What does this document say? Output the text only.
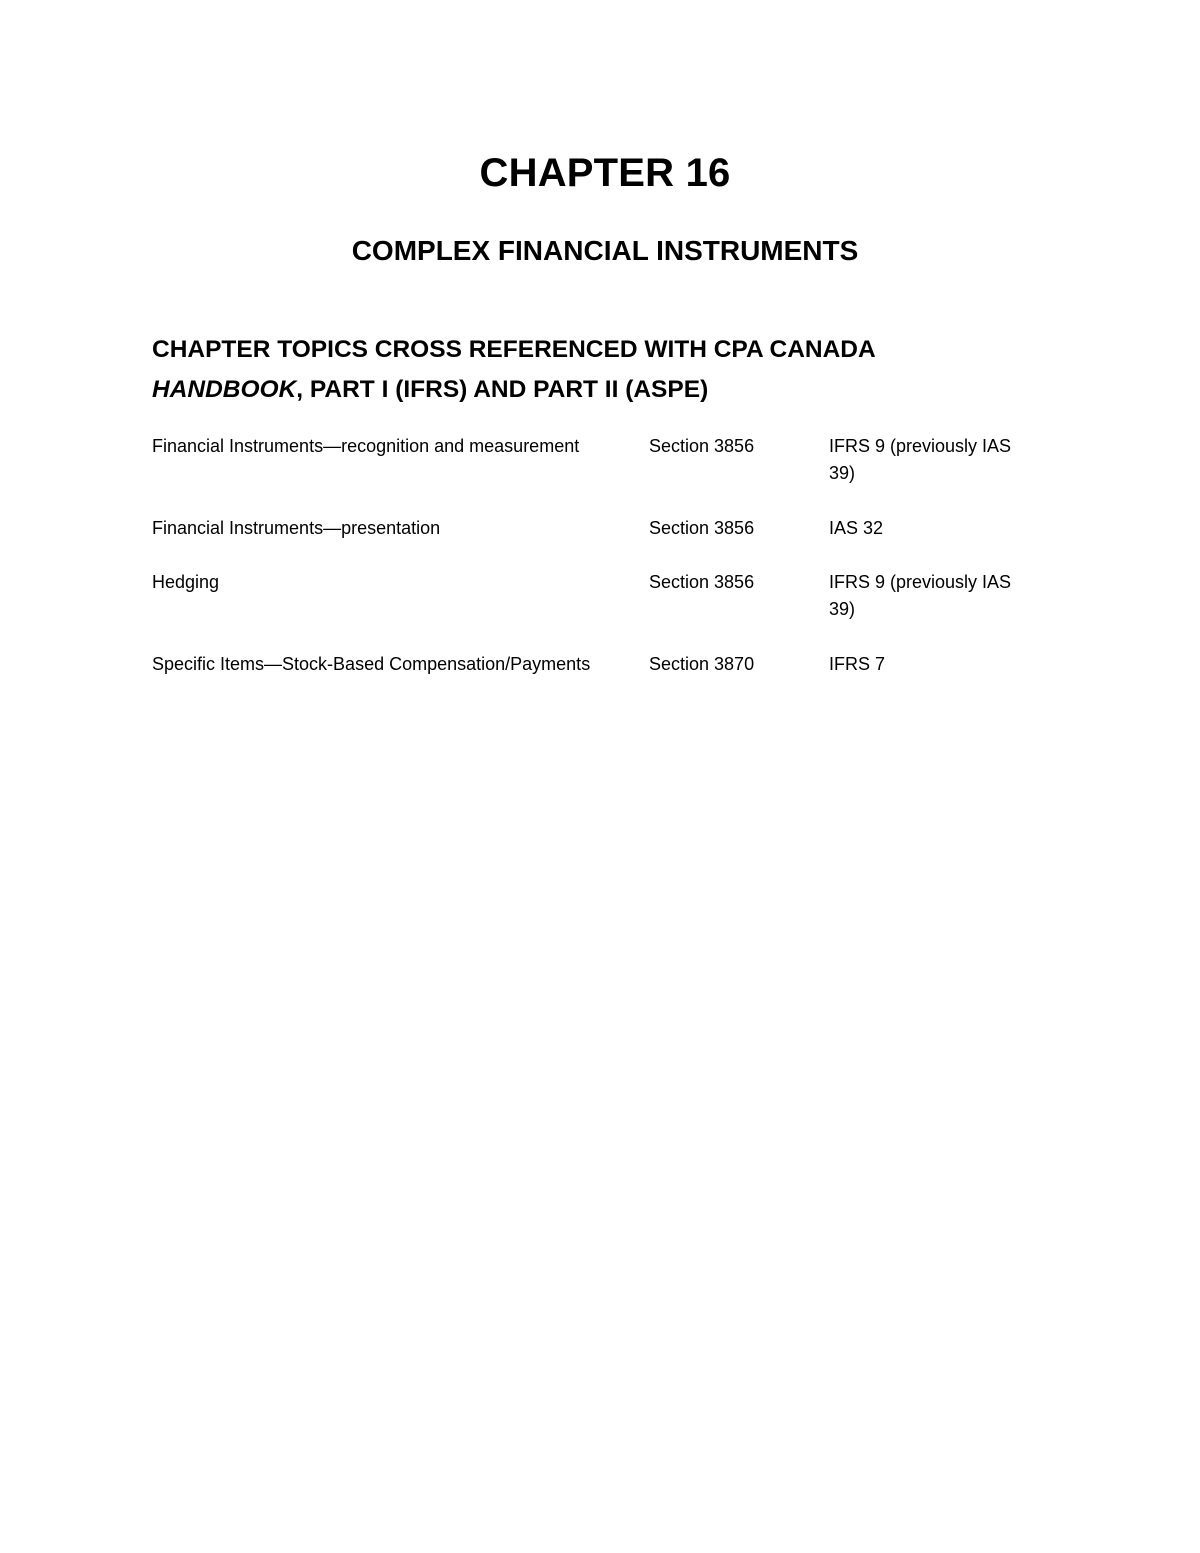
CHAPTER 16
COMPLEX FINANCIAL INSTRUMENTS
CHAPTER TOPICS CROSS REFERENCED WITH CPA CANADA
HANDBOOK, PART I (IFRS) AND PART II (ASPE)
Financial Instruments—recognition and measurement	Section 3856	IFRS 9 (previously IAS 39)
Financial Instruments—presentation	Section 3856	IAS 32
Hedging	Section 3856	IFRS 9 (previously IAS 39)
Specific Items—Stock-Based Compensation/Payments	Section 3870	IFRS 7
